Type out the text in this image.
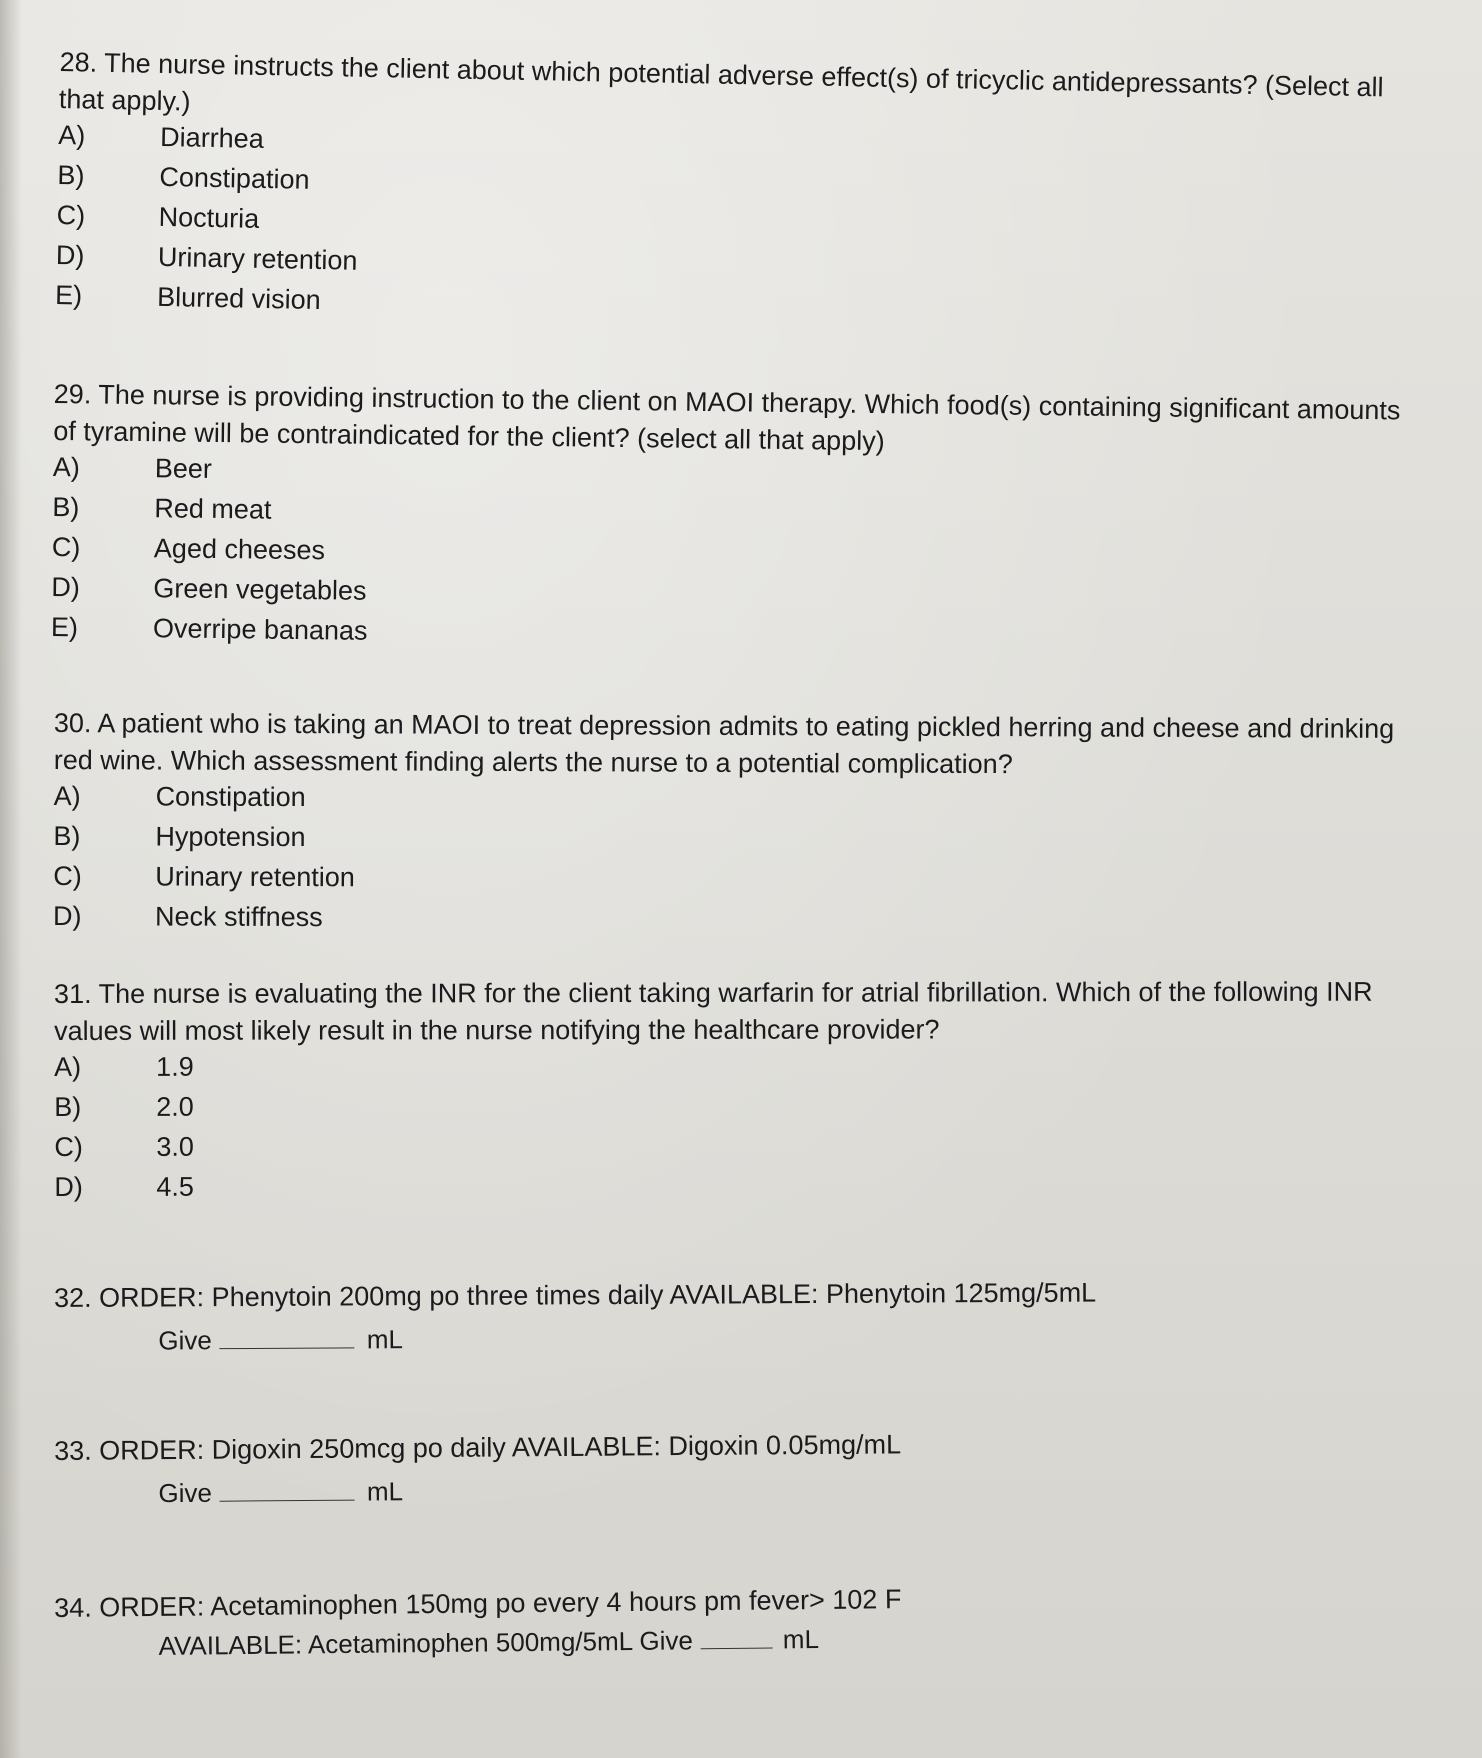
28. The nurse instructs the client about which potential adverse effect(s) of tricyclic antidepressants? (Select all that apply.)

A)	Diarrhea
B)	Constipation
C)	Nocturia
D)	Urinary retention
E)	Blurred vision

29. The nurse is providing instruction to the client on MAOI therapy. Which food(s) containing significant amounts of tyramine will be contraindicated for the client? (select all that apply)

A)	Beer
B)	Red meat
C)	Aged cheeses
D)	Green vegetables
E)	Overripe bananas

30. A patient who is taking an MAOI to treat depression admits to eating pickled herring and cheese and drinking red wine. Which assessment finding alerts the nurse to a potential complication?

A)	Constipation
B)	Hypotension
C)	Urinary retention
D)	Neck stiffness

31. The nurse is evaluating the INR for the client taking warfarin for atrial fibrillation. Which of the following INR values will most likely result in the nurse notifying the healthcare provider?

A)	1.9
B)	2.0
C)	3.0
D)	4.5

32. ORDER: Phenytoin 200mg po three times daily AVAILABLE: Phenytoin 125mg/5mL

Give	mL

33. ORDER: Digoxin 250mcg po daily AVAILABLE: Digoxin 0.05mg/mL

Give	mL

34. ORDER: Acetaminophen 150mg po every 4 hours pm fever> 102 F

AVAILABLE: Acetaminophen 500mg/5mL Give	mL
